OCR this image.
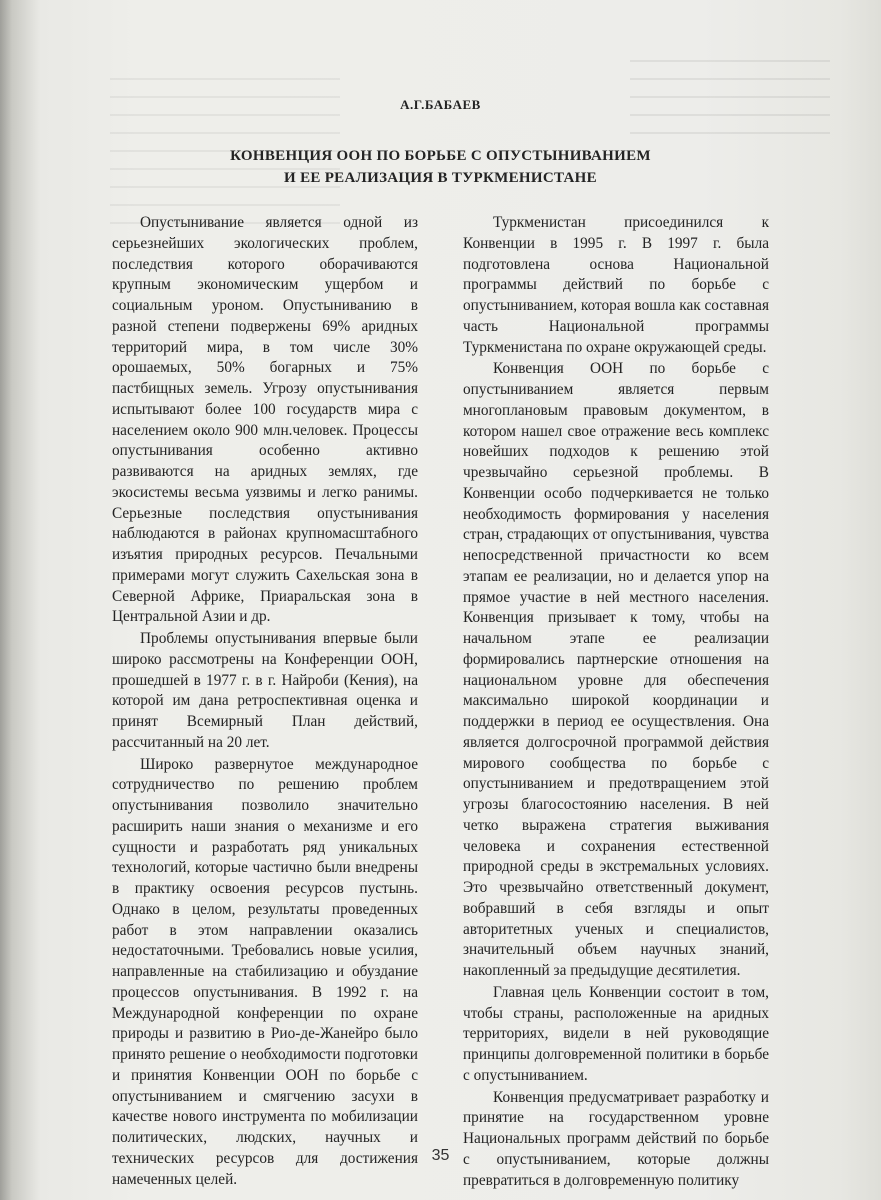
А.Г.БАБАЕВ
КОНВЕНЦИЯ ООН ПО БОРЬБЕ С ОПУСТЫНИВАНИЕМ
И ЕЕ РЕАЛИЗАЦИЯ В ТУРКМЕНИСТАНЕ

Опустынивание является одной из серьезнейших экологических проблем, последствия которого оборачиваются крупным экономическим ущербом и социальным уроном. Опустыниванию в разной степени подвержены 69% аридных территорий мира, в том числе 30% орошаемых, 50% богарных и 75% пастбищных земель. Угрозу опустынивания испытывают более 100 государств мира с населением около 900 млн.человек. Процессы опустынивания особенно активно развиваются на аридных землях, где экосистемы весьма уязвимы и легко ранимы. Серьезные последствия опустынивания наблюдаются в районах крупномасштабного изъятия природных ресурсов. Печальными примерами могут служить Сахельская зона в Северной Африке, Приаральская зона в Центральной Азии и др.

Проблемы опустынивания впервые были широко рассмотрены на Конференции ООН, прошедшей в 1977 г. в г. Найроби (Кения), на которой им дана ретроспективная оценка и принят Всемирный План действий, рассчитанный на 20 лет.

Широко развернутое международное сотрудничество по решению проблем опустынивания позволило значительно расширить наши знания о механизме и его сущности и разработать ряд уникальных технологий, которые частично были внедрены в практику освоения ресурсов пустынь. Однако в целом, результаты проведенных работ в этом направлении оказались недостаточными. Требовались новые усилия, направленные на стабилизацию и обуздание процессов опустынивания. В 1992 г. на Международной конференции по охране природы и развитию в Рио-де-Жанейро было принято решение о необходимости подготовки и принятия Конвенции ООН по борьбе с опустыниванием и смягчению засухи в качестве нового инструмента по мобилизации политических, людских, научных и технических ресурсов для достижения намеченных целей.

Туркменистан присоединился к Конвенции в 1995 г. В 1997 г. была подготовлена основа Национальной программы действий по борьбе с опустыниванием, которая вошла как составная часть Национальной программы Туркменистана по охране окружающей среды.

Конвенция ООН по борьбе с опустыниванием является первым многоплановым правовым документом, в котором нашел свое отражение весь комплекс новейших подходов к решению этой чрезвычайно серьезной проблемы. В Конвенции особо подчеркивается не только необходимость формирования у населения стран, страдающих от опустынивания, чувства непосредственной причастности ко всем этапам ее реализации, но и делается упор на прямое участие в ней местного населения. Конвенция призывает к тому, чтобы на начальном этапе ее реализации формировались партнерские отношения на национальном уровне для обеспечения максимально широкой координации и поддержки в период ее осуществления. Она является долгосрочной программой действия мирового сообщества по борьбе с опустыниванием и предотвращением этой угрозы благосостоянию населения. В ней четко выражена стратегия выживания человека и сохранения естественной природной среды в экстремальных условиях. Это чрезвычайно ответственный документ, вобравший в себя взгляды и опыт авторитетных ученых и специалистов, значительный объем научных знаний, накопленный за предыдущие десятилетия.

Главная цель Конвенции состоит в том, чтобы страны, расположенные на аридных территориях, видели в ней руководящие принципы долговременной политики в борьбе с опустыниванием.

Конвенция предусматривает разработку и принятие на государственном уровне Национальных программ действий по борьбе с опустыниванием, которые должны превратиться в долговременную политику

35
